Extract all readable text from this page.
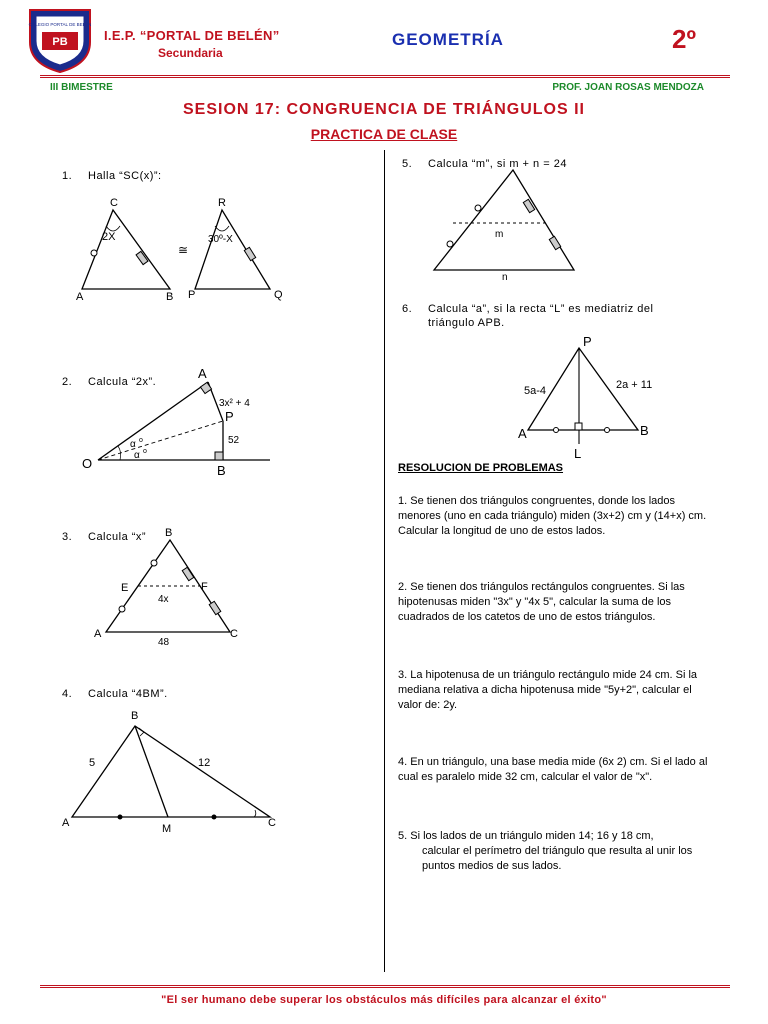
PB
COLEGIO PORTAL DE BELÉN
I.E.P. “PORTAL DE BELÉN”
Secundaria
GEOMETRÍA	2º
III BIMESTRE	PROF. JOAN ROSAS MENDOZA
SESION 17: CONGRUENCIA DE TRIÁNGULOS II
PRACTICA DE CLASE
1. Halla “SC(x)”:
C
2X
A	B
≅
R
30º-X
P	Q
2. Calcula “2x”.
A
P
O	B
3x² + 4
52
α o
α o
3. Calcula “x” B
E	F
A	C
4x
48
4. Calcula “4BM”.
B
A	M	C
5	12
5. Calcula “m”, si m + n = 24
m
n
6. Calcula “a”, si la recta “L” es mediatriz del
triángulo APB.
P
A	B
L
5a-4	2a + 11
RESOLUCION DE PROBLEMAS
1. Se tienen dos triángulos congruentes, donde los lados
menores (uno en cada triángulo) miden (3x+2) cm y (14+x) cm.
Calcular la longitud de uno de estos lados.
2. Se tienen dos triángulos rectángulos congruentes. Si las
hipotenusas miden "3x" y "4x 5", calcular la suma de los
cuadrados de los catetos de uno de estos triángulos.
3. La hipotenusa de un triángulo rectángulo mide 24 cm. Si la
mediana relativa a dicha hipotenusa mide "5y+2", calcular el
valor de: 2y.
4. En un triángulo, una base media mide (6x 2) cm. Si el lado al
cual es paralelo mide 32 cm, calcular el valor de "x".
5. Si los lados de un triángulo miden 14; 16 y 18 cm,
calcular el perímetro del triángulo que resulta al unir los
puntos medios de sus lados.
"El ser humano debe superar los obstáculos más difíciles para alcanzar el éxito"
